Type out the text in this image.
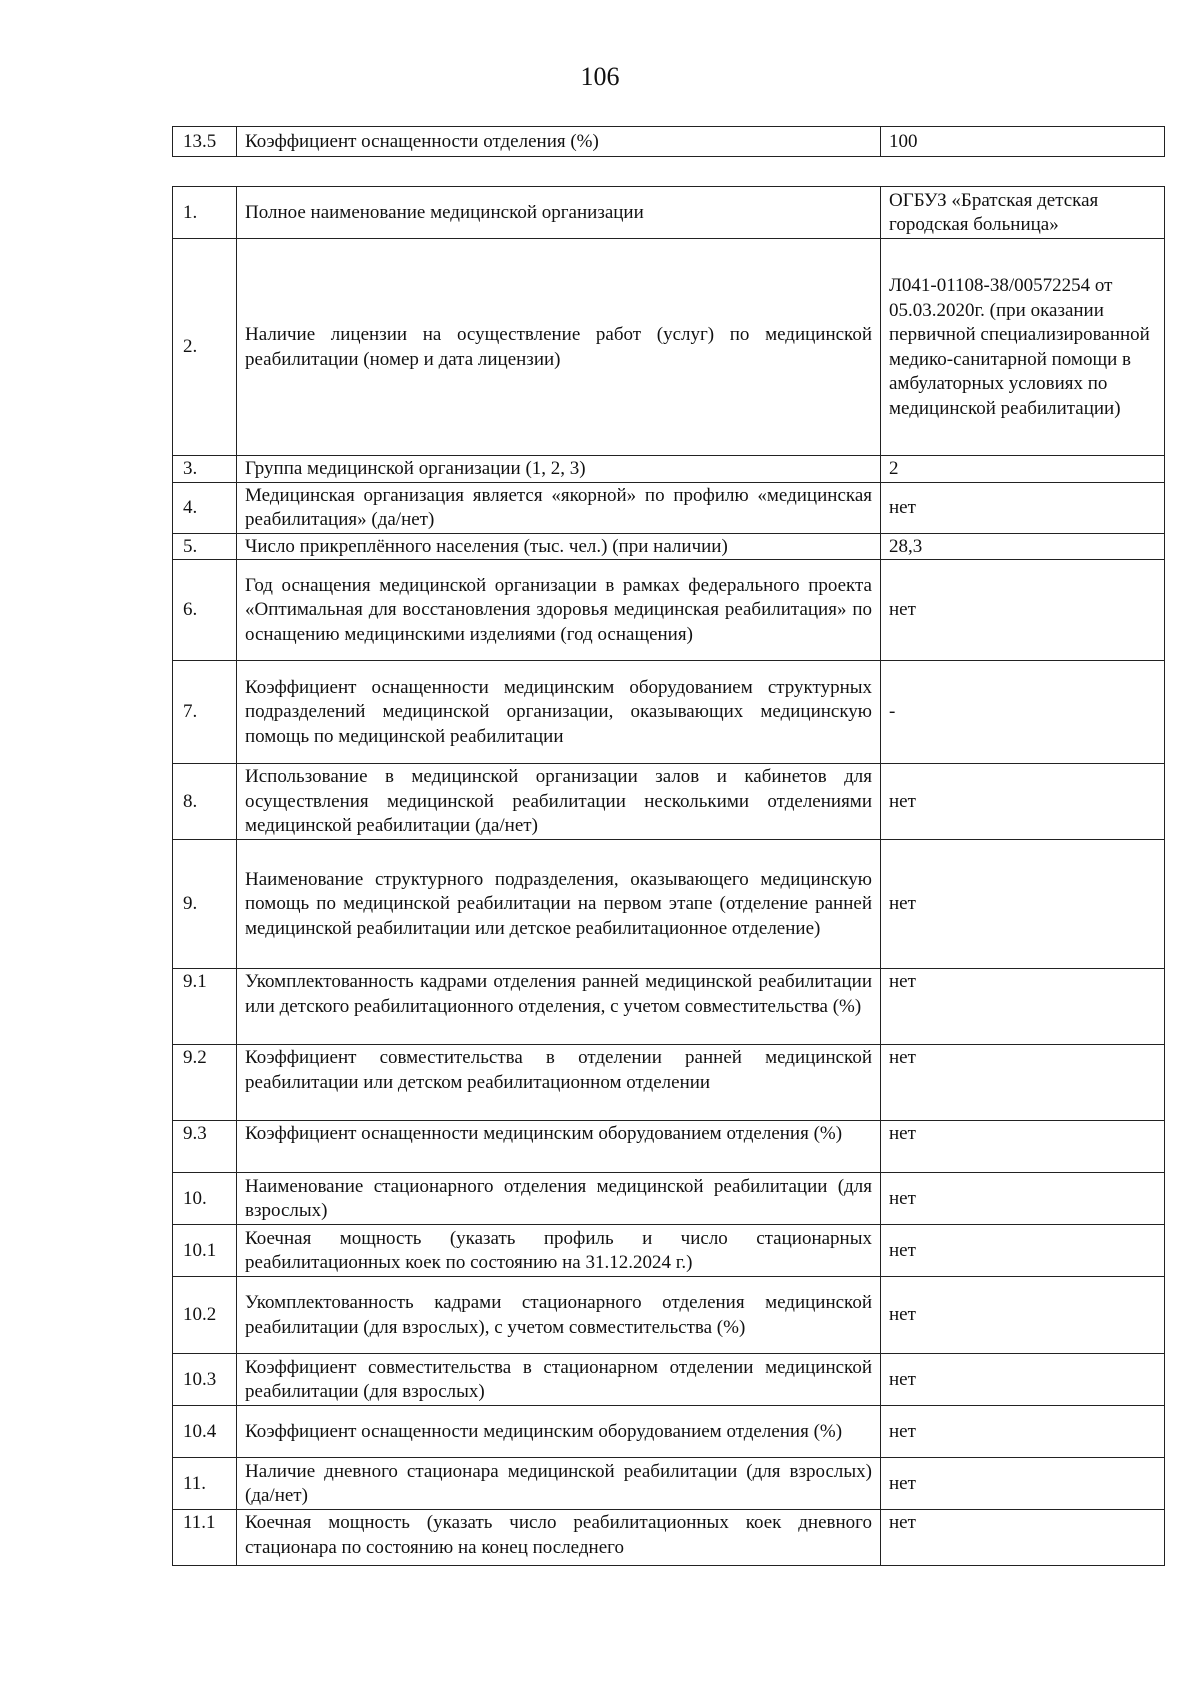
106
13.5	Коэффициент оснащенности отделения (%)	100
1.	Полное наименование медицинской организации	ОГБУЗ «Братская детская городская больница»
2.	Наличие лицензии на осуществление работ (услуг) по медицинской реабилитации (номер и дата лицензии)	Л041-01108-38/00572254 от 05.03.2020г. (при оказании первичной специализированной медико-санитарной помощи в амбулаторных условиях по медицинской реабилитации)
3.	Группа медицинской организации (1, 2, 3)	2
4.	Медицинская организация является «якорной» по профилю «медицинская реабилитация» (да/нет)	нет
5.	Число прикреплённого населения (тыс. чел.) (при наличии)	28,3
6.	Год оснащения медицинской организации в рамках федерального проекта «Оптимальная для восстановления здоровья медицинская реабилитация» по оснащению медицинскими изделиями (год оснащения)	нет
7.	Коэффициент оснащенности медицинским оборудованием структурных подразделений медицинской организации, оказывающих медицинскую помощь по медицинской реабилитации	-
8.	Использование в медицинской организации залов и кабинетов для осуществления медицинской реабилитации несколькими отделениями медицинской реабилитации (да/нет)	нет
9.	Наименование структурного подразделения, оказывающего медицинскую помощь по медицинской реабилитации на первом этапе (отделение ранней медицинской реабилитации или детское реабилитационное отделение)	нет
9.1	Укомплектованность кадрами отделения ранней медицинской реабилитации или детского реабилитационного отделения, с учетом совместительства (%)	нет
9.2	Коэффициент совместительства в отделении ранней медицинской реабилитации или детском реабилитационном отделении	нет
9.3	Коэффициент оснащенности медицинским оборудованием отделения (%)	нет
10.	Наименование стационарного отделения медицинской реабилитации (для взрослых)	нет
10.1	Коечная мощность (указать профиль и число стационарных реабилитационных коек по состоянию на 31.12.2024 г.)	нет
10.2	Укомплектованность кадрами стационарного отделения медицинской реабилитации (для взрослых), с учетом совместительства (%)	нет
10.3	Коэффициент совместительства в стационарном отделении медицинской реабилитации (для взрослых)	нет
10.4	Коэффициент оснащенности медицинским оборудованием отделения (%)	нет
11.	Наличие дневного стационара медицинской реабилитации (для взрослых) (да/нет)	нет
11.1	Коечная мощность (указать число реабилитационных коек дневного стационара по состоянию на конец последнего	нет
